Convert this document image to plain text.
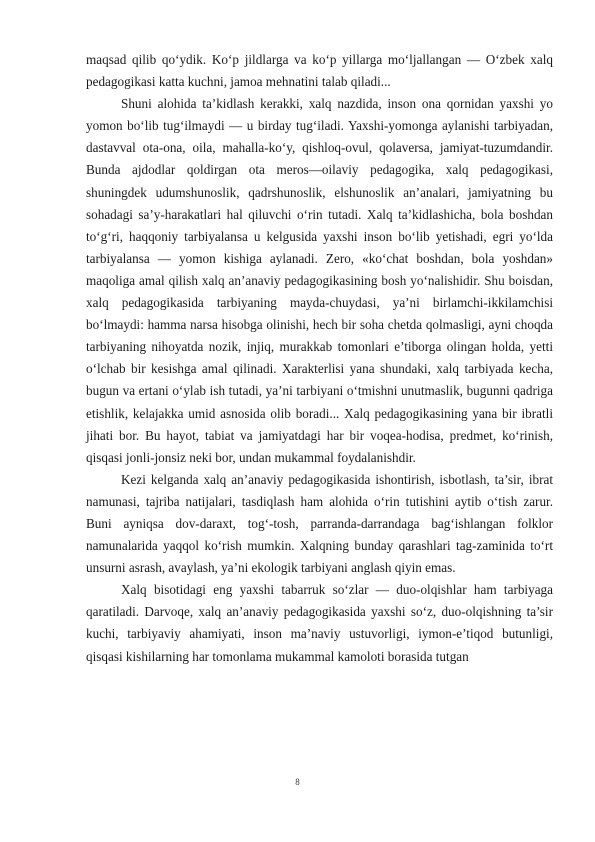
maqsad qilib qo‘ydik. Ko‘p jildlarga va ko‘p yillarga mo‘ljallangan — O‘zbek xalq pedagogikasi katta kuchni, jamoa mehnatini talab qiladi...

Shuni alohida ta’kidlash kerakki, xalq nazdida, inson ona qornidan yaxshi yo yomon bo‘lib tug‘ilmaydi — u birday tug‘iladi. Yaxshi-yomonga aylanishi tarbiyadan, dastavval ota-ona, oila, mahalla-ko‘y, qishloq-ovul, qolaversa, jamiyat-tuzumdandir. Bunda ajdodlar qoldirgan ota meros—oilaviy pedagogika, xalq pedagogikasi, shuningdek udumshunoslik, qadrshunoslik, elshunoslik an’analari, jamiyatning bu sohadagi sa’y-harakatlari hal qiluvchi o‘rin tutadi. Xalq ta’kidlashicha, bola boshdan to‘g‘ri, haqqoniy tarbiyalansa u kelgusida yaxshi inson bo‘lib yetishadi, egri yo‘lda tarbiyalansa — yomon kishiga aylanadi. Zero, «ko‘chat boshdan, bola yoshdan» maqoliga amal qilish xalq an’anaviy pedagogikasining bosh yo‘nalishidir. Shu boisdan, xalq pedagogikasida tarbiyaning mayda-chuydasi, ya’ni birlamchi-ikkilamchisi bo‘lmaydi: hamma narsa hisobga olinishi, hech bir soha chetda qolmasligi, ayni choqda tarbiyaning nihoyatda nozik, injiq, murakkab tomonlari e’tiborga olingan holda, yetti o‘lchab bir kesishga amal qilinadi. Xarakterlisi yana shundaki, xalq tarbiyada kecha, bugun va ertani o‘ylab ish tutadi, ya’ni tarbiyani o‘tmishni unutmaslik, bugunni qadriga etishlik, kelajakka umid asnosida olib boradi... Xalq pedagogikasining yana bir ibratli jihati bor. Bu hayot, tabiat va jamiyatdagi har bir voqea-hodisa, predmet, ko‘rinish, qisqasi jonli-jonsiz neki bor, undan mukammal foydalanishdir.

Kezi kelganda xalq an’anaviy pedagogikasida ishontirish, isbotlash, ta’sir, ibrat namunasi, tajriba natijalari, tasdiqlash ham alohida o‘rin tutishini aytib o‘tish zarur. Buni ayniqsa dov-daraxt, tog‘-tosh, parranda-darrandaga bag‘ishlangan folklor namunalarida yaqqol ko‘rish mumkin. Xalqning bunday qarashlari tag-zaminida to‘rt unsurni asrash, avaylash, ya’ni ekologik tarbiyani anglash qiyin emas.

Xalq bisotidagi eng yaxshi tabarruk so‘zlar — duo-olqishlar ham tarbiyaga qaratiladi. Darvoqe, xalq an’anaviy pedagogikasida yaxshi so‘z, duo-olqishning ta’sir kuchi, tarbiyaviy ahamiyati, inson ma’naviy ustuvorligi, iymon-e’tiqod butunligi, qisqasi kishilarning har tomonlama mukammal kamoloti borasida tutgan

8
